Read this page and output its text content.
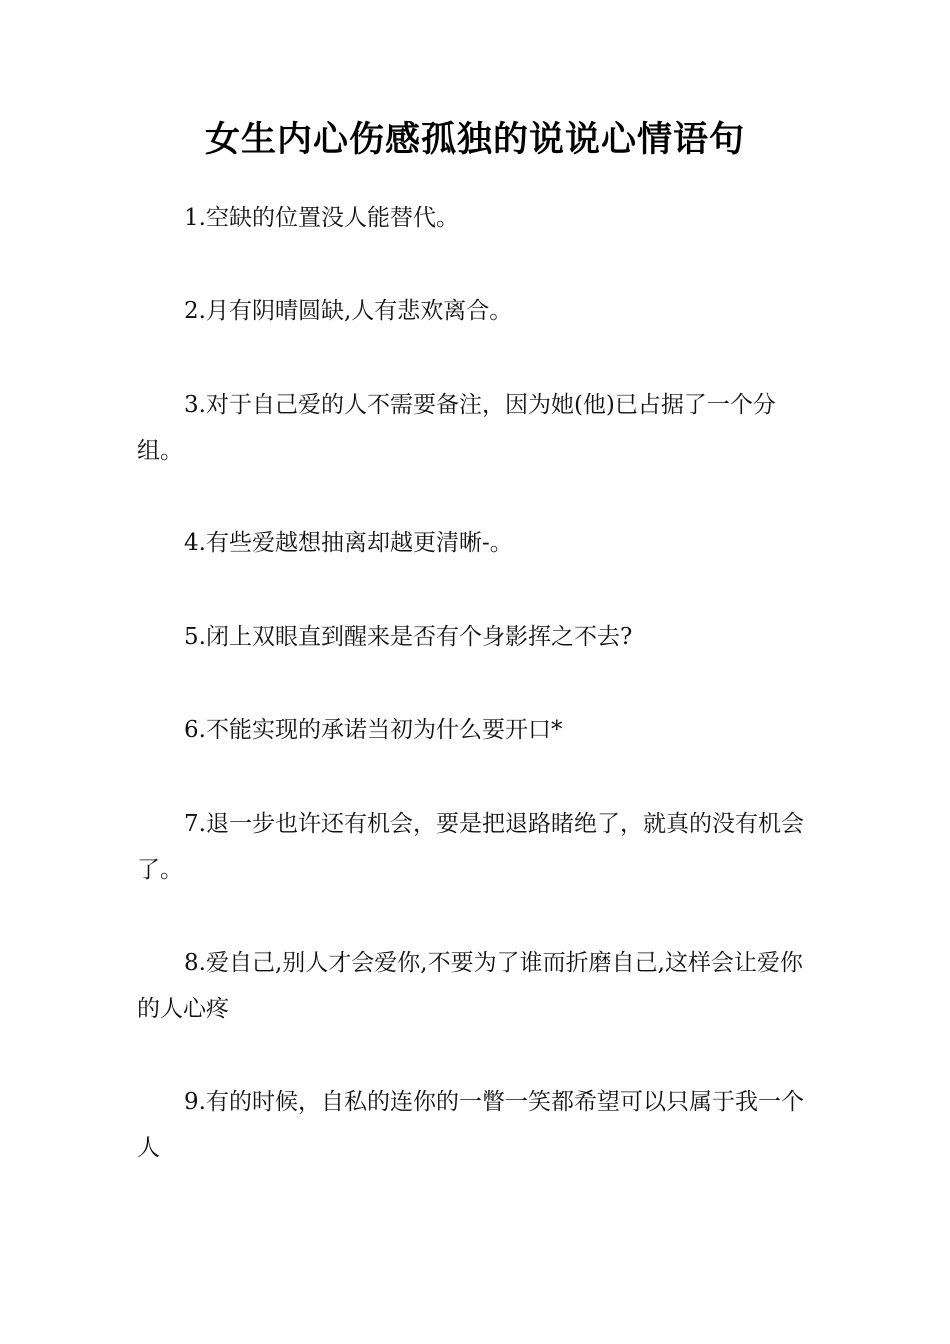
女生内心伤感孤独的说说心情语句

1.空缺的位置没人能替代。

2.月有阴晴圆缺,人有悲欢离合。

3.对于自己爱的人不需要备注，因为她(他)已占据了一个分组。

4.有些爱越想抽离却越更清晰-。

5.闭上双眼直到醒来是否有个身影挥之不去?

6.不能实现的承诺当初为什么要开口*

7.退一步也许还有机会，要是把退路睹绝了，就真的没有机会了。

8.爱自己,别人才会爱你,不要为了谁而折磨自己,这样会让爱你的人心疼

9.有的时候，自私的连你的一瞥一笑都希望可以只属于我一个人
